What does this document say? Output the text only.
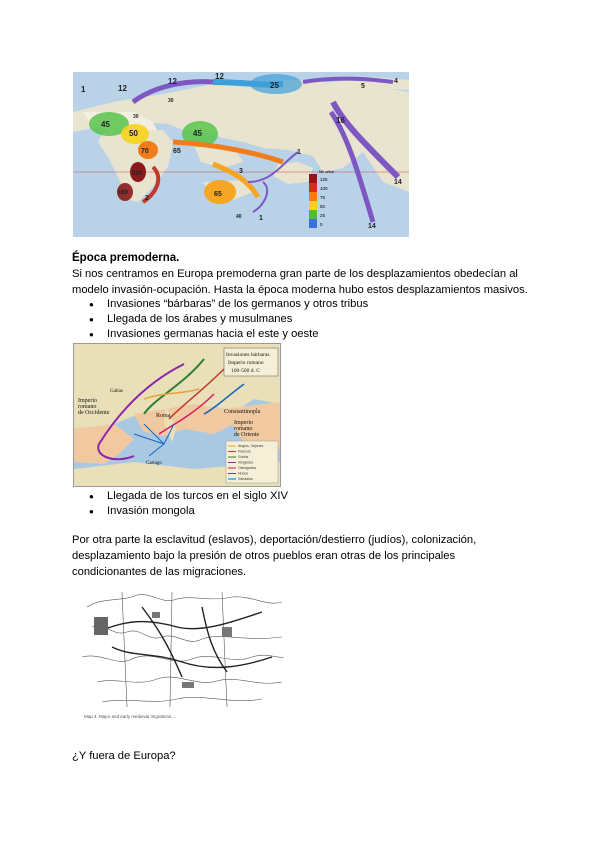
Mil años
125
100
75
50
25
0
1	12
12
12
25	4
5
16
45
50	45
70	65
65
200
160
2
3
1
1
14
14
40
30
30
Época premoderna.
Si nos centramos en Europa premoderna gran parte de los desplazamientos obedecían al
modelo invasión-ocupación. Hasta la época moderna hubo estos desplazamientos masivos.
● Invasiones “bárbaras” de los germanos y otros tribus
● Llegada de los árabes y musulmanes
● Invasiones germanas hacia el este y oeste
Invasiones bárbaras
Imperio romano
100-500 d. C
Imperio
romano
de Occidente
Galias
Roma
Cartago
Constantinopla
Imperio
romano
de Oriente
Anglos, Sajones
Francos
Godos
Visigodos
Ostrogodos
Hunos
Vándalos
● Llegada de los turcos en el siglo XIV
● Invasión mongola
Por otra parte la esclavitud (eslavos), deportación/destierro (judíos), colonización,
desplazamiento bajo la presión de otros pueblos eran otras de los principales
condicionantes de las migraciones.
Map 4. Major and early medieval migrations ...
¿Y fuera de Europa?
